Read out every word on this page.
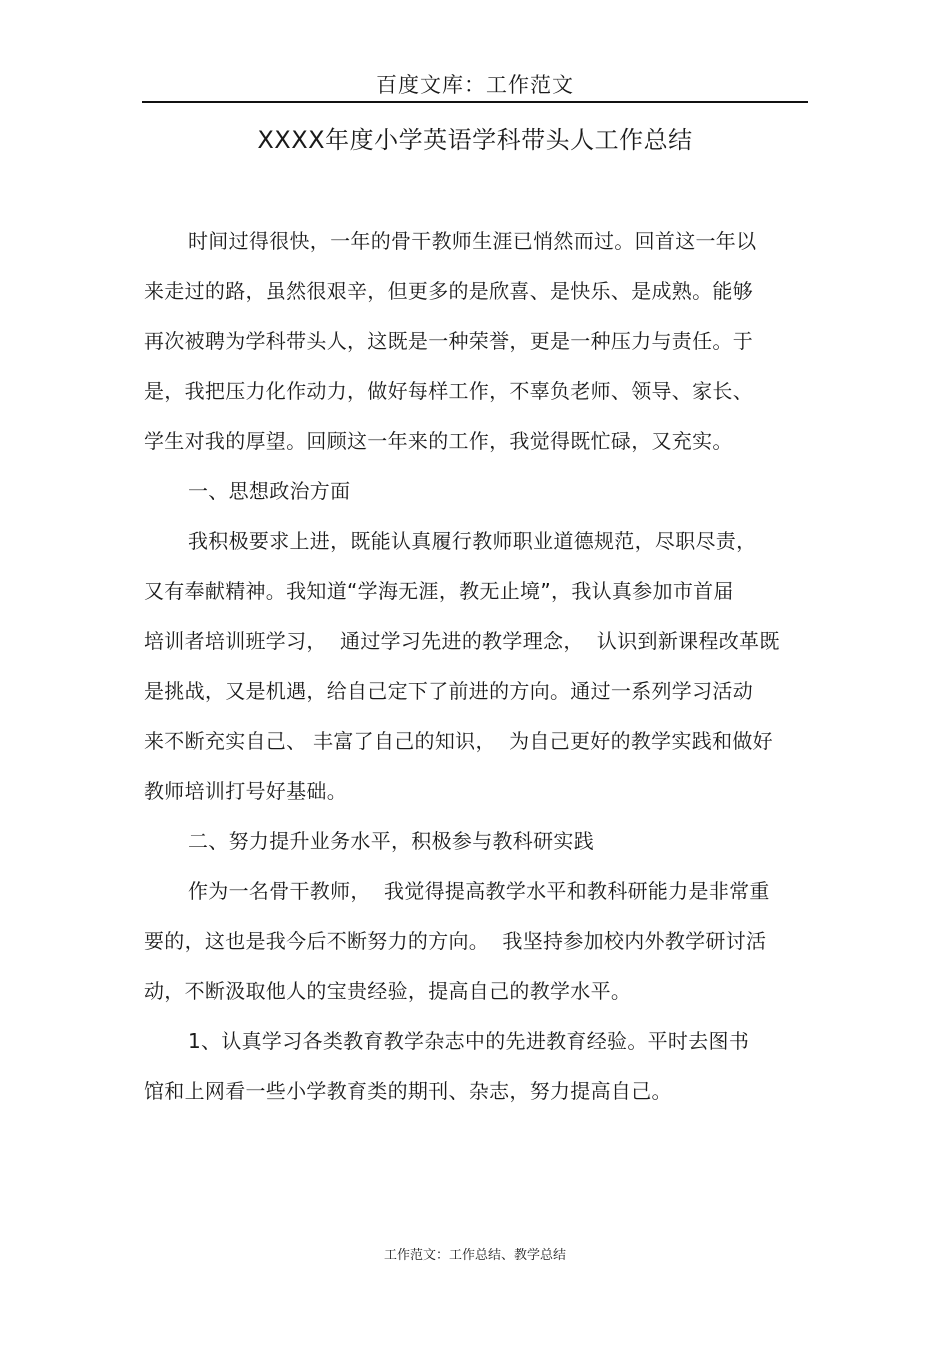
百度文库：工作范文
XXXX年度小学英语学科带头人工作总结
时间过得很快，一年的骨干教师生涯已悄然而过。回首这一年以
来走过的路，虽然很艰辛，但更多的是欣喜、是快乐、是成熟。能够
再次被聘为学科带头人，这既是一种荣誉，更是一种压力与责任。于
是，我把压力化作动力，做好每样工作，不辜负老师、领导、家长、
学生对我的厚望。回顾这一年来的工作，我觉得既忙碌，又充实。
一、思想政治方面
我积极要求上进，既能认真履行教师职业道德规范，尽职尽责，
又有奉献精神。我知道“学海无涯，教无止境”，我认真参加市首届
培训者培训班学习，  通过学习先进的教学理念，  认识到新课程改革既
是挑战，又是机遇，给自己定下了前进的方向。通过一系列学习活动
来不断充实自己、 丰富了自己的知识，  为自己更好的教学实践和做好
教师培训打号好基础。
二、努力提升业务水平，积极参与教科研实践
作为一名骨干教师，  我觉得提高教学水平和教科研能力是非常重
要的，这也是我今后不断努力的方向。  我坚持参加校内外教学研讨活
动，不断汲取他人的宝贵经验，提高自己的教学水平。
1、认真学习各类教育教学杂志中的先进教育经验。平时去图书
馆和上网看一些小学教育类的期刊、杂志，努力提高自己。
工作范文：工作总结、教学总结
